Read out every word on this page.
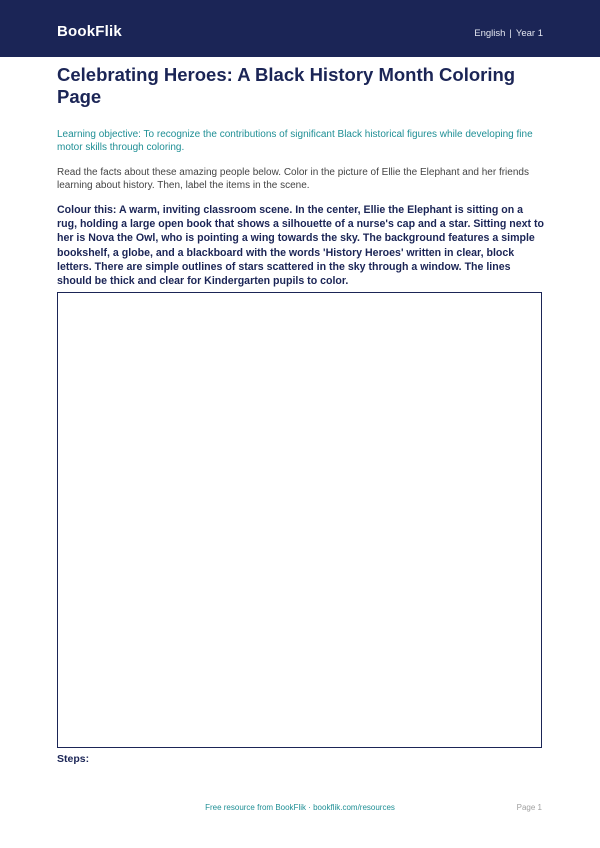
BookFlik	English | Year 1
Celebrating Heroes: A Black History Month Coloring Page

Learning objective: To recognize the contributions of significant Black historical figures while developing fine motor skills through coloring.

Read the facts about these amazing people below. Color in the picture of Ellie the Elephant and her friends learning about history. Then, label the items in the scene.

Colour this: A warm, inviting classroom scene. In the center, Ellie the Elephant is sitting on a rug, holding a large open book that shows a silhouette of a nurse's cap and a star. Sitting next to her is Nova the Owl, who is pointing a wing towards the sky. The background features a simple bookshelf, a globe, and a blackboard with the words 'History Heroes' written in clear, block letters. There are simple outlines of stars scattered in the sky through a window. The lines should be thick and clear for Kindergarten pupils to color.

Steps:
Free resource from BookFlik · bookflik.com/resources	Page 1
